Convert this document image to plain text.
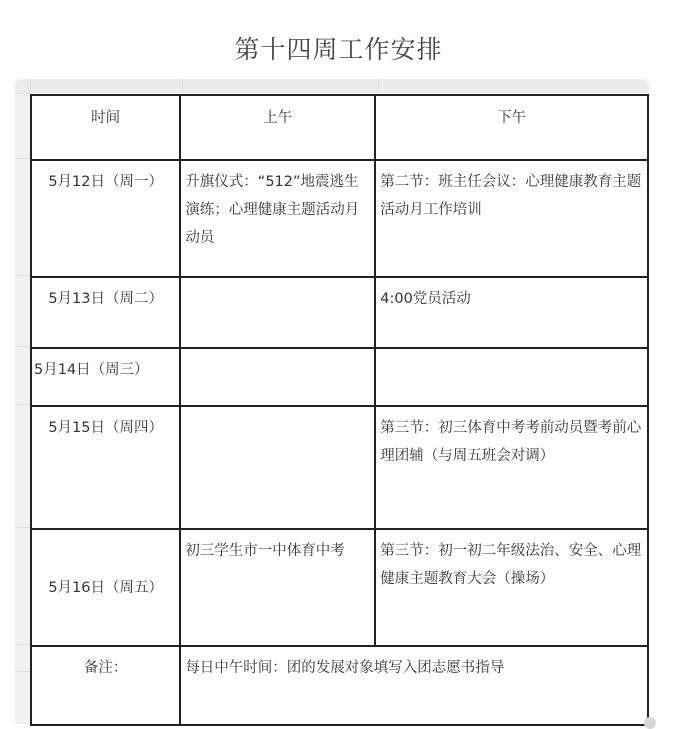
第十四周工作安排
时间	上午	下午
5月12日（周一）	升旗仪式：“512”地震逃生演练；心理健康主题活动月动员	第二节：班主任会议：心理健康教育主题活动月工作培训
5月13日（周二）		4:00党员活动
5月14日（周三）		
5月15日（周四）		第三节：初三体育中考考前动员暨考前心理团辅（与周五班会对调）
5月16日（周五）	初三学生市一中体育中考	第三节：初一初二年级法治、安全、心理健康主题教育大会（操场）
备注：	每日中午时间：团的发展对象填写入团志愿书指导	
